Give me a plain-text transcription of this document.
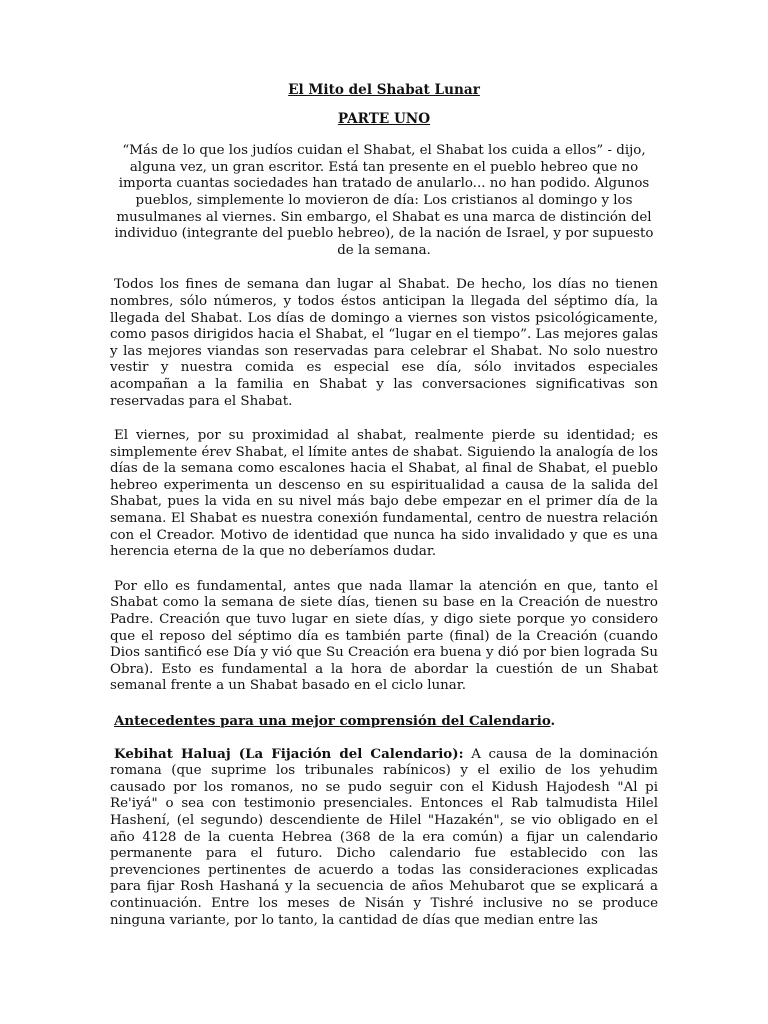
El Mito del Shabat Lunar
PARTE UNO

“Más de lo que los judíos cuidan el Shabat, el Shabat los cuida a ellos” - dijo, alguna vez, un gran escritor. Está tan presente en el pueblo hebreo que no importa cuantas sociedades han tratado de anularlo... no han podido. Algunos pueblos, simplemente lo movieron de día: Los cristianos al domingo y los musulmanes al viernes. Sin embargo, el Shabat es una marca de distinción del individuo (integrante del pueblo hebreo), de la nación de Israel, y por supuesto de la semana.

Todos los fines de semana dan lugar al Shabat. De hecho, los días no tienen nombres, sólo números, y todos éstos anticipan la llegada del séptimo día, la llegada del Shabat. Los días de domingo a viernes son vistos psicológicamente, como pasos dirigidos hacia el Shabat, el “lugar en el tiempo”. Las mejores galas y las mejores viandas son reservadas para celebrar el Shabat. No solo nuestro vestir y nuestra comida es especial ese día, sólo invitados especiales acompañan a la familia en Shabat y las conversaciones significativas son reservadas para el Shabat.

El viernes, por su proximidad al shabat, realmente pierde su identidad; es simplemente érev Shabat, el límite antes de shabat. Siguiendo la analogía de los días de la semana como escalones hacia el Shabat, al final de Shabat, el pueblo hebreo experimenta un descenso en su espiritualidad a causa de la salida del Shabat, pues la vida en su nivel más bajo debe empezar en el primer día de la semana. El Shabat es nuestra conexión fundamental, centro de nuestra relación con el Creador. Motivo de identidad que nunca ha sido invalidado y que es una herencia eterna de la que no deberíamos dudar.

Por ello es fundamental, antes que nada llamar la atención en que, tanto el Shabat como la semana de siete días, tienen su base en la Creación de nuestro Padre. Creación que tuvo lugar en siete días, y digo siete porque yo considero que el reposo del séptimo día es también parte (final) de la Creación (cuando Dios santificó ese Día y vió que Su Creación era buena y dió por bien lograda Su Obra). Esto es fundamental a la hora de abordar la cuestión de un Shabat semanal frente a un Shabat basado en el ciclo lunar.

Antecedentes para una mejor comprensión del Calendario.

Kebihat Haluaj (La Fijación del Calendario): A causa de la dominación romana (que suprime los tribunales rabínicos) y el exilio de los yehudim causado por los romanos, no se pudo seguir con el Kidush Hajodesh "Al pi Re'iyá" o sea con testimonio presenciales. Entonces el Rab talmudista Hilel Hashení, (el segundo) descendiente de Hilel "Hazakén", se vio obligado en el año 4128 de la cuenta Hebrea (368 de la era común) a fijar un calendario permanente para el futuro. Dicho calendario fue establecido con las prevenciones pertinentes de acuerdo a todas las consideraciones explicadas para fijar Rosh Hashaná y la secuencia de años Mehubarot que se explicará a continuación. Entre los meses de Nisán y Tishré inclusive no se produce ninguna variante, por lo tanto, la cantidad de días que median entre las
